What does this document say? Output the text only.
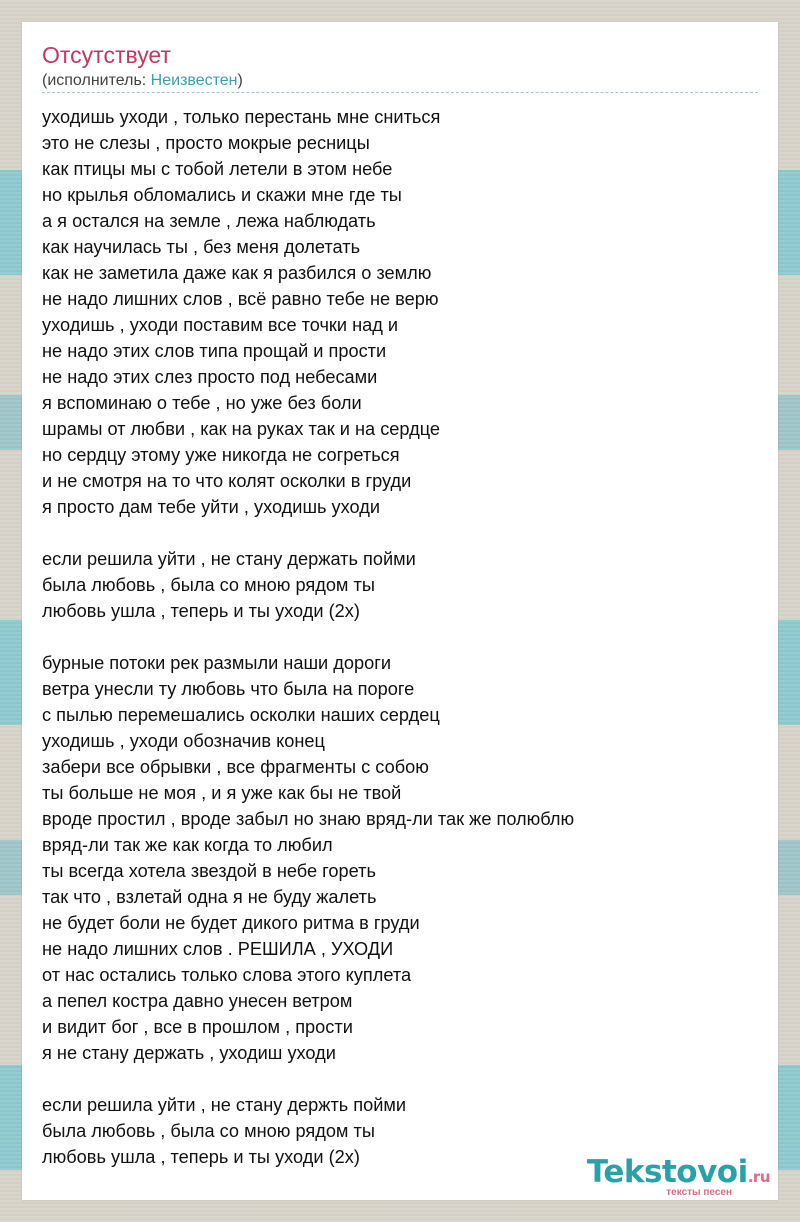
Отсутствует
(исполнитель: Неизвестен)
уходишь уходи , только перестань мне сниться
это не слезы , просто мокрые ресницы
как птицы мы с тобой летели в этом небе
но крылья обломались и скажи мне где ты
а я остался на земле , лежа наблюдать
как научилась ты , без меня долетать
как не заметила даже как я разбился о землю
не надо лишних слов , всё равно тебе не верю
уходишь , уходи поставим все точки над и
не надо этих слов типа прощай и прости
не надо этих слез просто под небесами
я вспоминаю о тебе , но уже без боли
шрамы от любви , как на руках так и на сердце
но сердцу этому уже никогда не согреться
и не смотря на то что колят осколки в груди
я просто дам тебе уйти , уходишь уходи
если решила уйти , не стану держать пойми
была любовь , была со мною рядом ты
любовь ушла , теперь и ты уходи (2x)
бурные потоки рек размыли наши дороги
ветра унесли ту любовь что была на пороге
с пылью перемешались осколки наших сердец
уходишь , уходи обозначив конец
забери все обрывки , все фрагменты с собою
ты больше не моя , и я уже как бы не твой
вроде простил , вроде забыл но знаю вряд-ли так же полюблю
вряд-ли так же как когда то любил
ты всегда хотела звездой в небе гореть
так что , взлетай одна я не буду жалеть
не будет боли не будет дикого ритма в груди
не надо лишних слов . РЕШИЛА , УХОДИ
от нас остались только слова этого куплета
а пепел костра давно унесен ветром
и видит бог , все в прошлом , прости
я не стану держать , уходиш уходи
если решила уйти , не стану держть пойми
была любовь , была со мною рядом ты
любовь ушла , теперь и ты уходи (2x)	Tekstovoi.ru
тексты песен
